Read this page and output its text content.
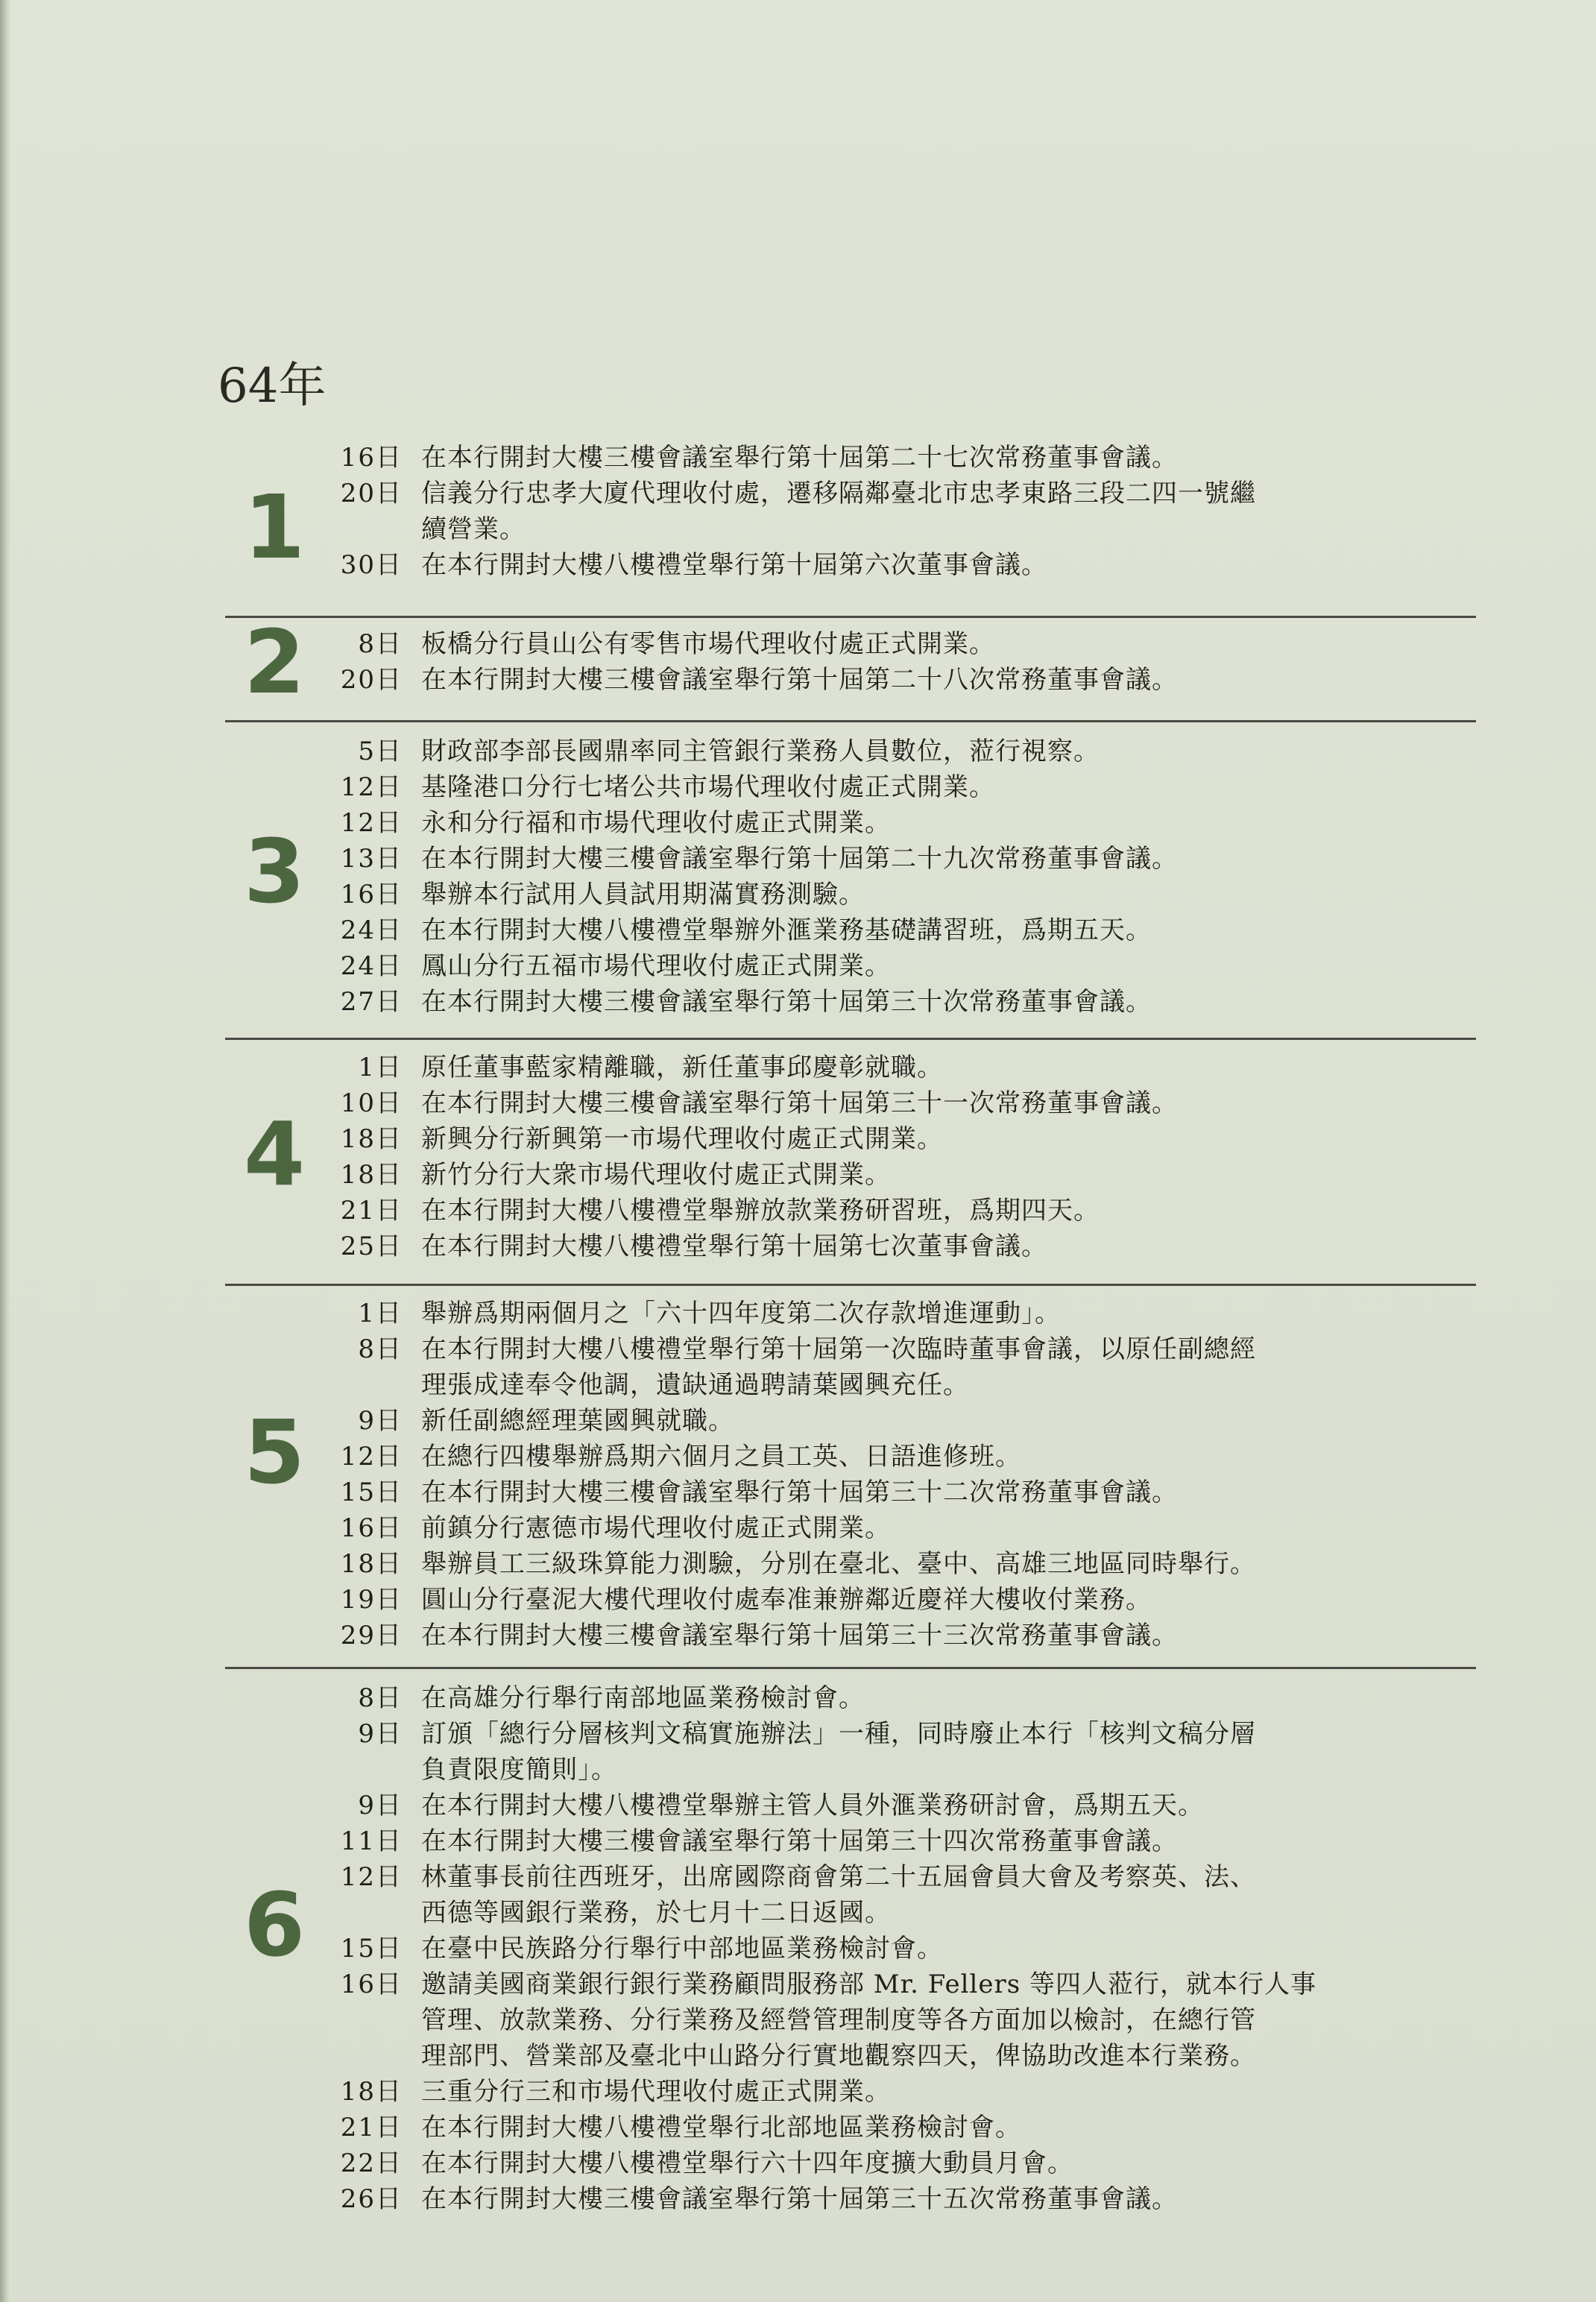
64年
1
16日 在本行開封大樓三樓會議室舉行第十屆第二十七次常務董事會議。
20日 信義分行忠孝大廈代理收付處，遷移隔鄰臺北市忠孝東路三段二四一號繼
續營業。
30日 在本行開封大樓八樓禮堂舉行第十屆第六次董事會議。
2	8日 板橋分行員山公有零售市場代理收付處正式開業。
20日 在本行開封大樓三樓會議室舉行第十屆第二十八次常務董事會議。
3
5日 財政部李部長國鼎率同主管銀行業務人員數位，蒞行視察。
12日 基隆港口分行七堵公共市場代理收付處正式開業。
12日 永和分行福和市場代理收付處正式開業。
13日 在本行開封大樓三樓會議室舉行第十屆第二十九次常務董事會議。
16日 舉辦本行試用人員試用期滿實務測驗。
24日 在本行開封大樓八樓禮堂舉辦外滙業務基礎講習班，爲期五天。
24日 鳳山分行五福市場代理收付處正式開業。
27日 在本行開封大樓三樓會議室舉行第十屆第三十次常務董事會議。
4
1日 原任董事藍家精離職，新任董事邱慶彰就職。
10日 在本行開封大樓三樓會議室舉行第十屆第三十一次常務董事會議。
18日 新興分行新興第一市場代理收付處正式開業。
18日 新竹分行大衆市場代理收付處正式開業。
21日 在本行開封大樓八樓禮堂舉辦放款業務研習班，爲期四天。
25日 在本行開封大樓八樓禮堂舉行第十屆第七次董事會議。
5
1日 舉辦爲期兩個月之「六十四年度第二次存款增進運動」。
8日 在本行開封大樓八樓禮堂舉行第十屆第一次臨時董事會議，以原任副總經
理張成達奉令他調，遺缺通過聘請葉國興充任。
9日 新任副總經理葉國興就職。
12日 在總行四樓舉辦爲期六個月之員工英、日語進修班。
15日 在本行開封大樓三樓會議室舉行第十屆第三十二次常務董事會議。
16日 前鎮分行憲德市場代理收付處正式開業。
18日 舉辦員工三級珠算能力測驗，分別在臺北、臺中、高雄三地區同時舉行。
19日 圓山分行臺泥大樓代理收付處奉准兼辦鄰近慶祥大樓收付業務。
29日 在本行開封大樓三樓會議室舉行第十屆第三十三次常務董事會議。
6
8日 在高雄分行舉行南部地區業務檢討會。
9日 訂頒「總行分層核判文稿實施辦法」一種，同時廢止本行「核判文稿分層
負責限度簡則」。
9日 在本行開封大樓八樓禮堂舉辦主管人員外滙業務研討會，爲期五天。
11日 在本行開封大樓三樓會議室舉行第十屆第三十四次常務董事會議。
12日 林董事長前往西班牙，出席國際商會第二十五屆會員大會及考察英、法、
西德等國銀行業務，於七月十二日返國。
15日 在臺中民族路分行舉行中部地區業務檢討會。
16日 邀請美國商業銀行銀行業務顧問服務部 Mr. Fellers 等四人蒞行，就本行人事
管理、放款業務、分行業務及經營管理制度等各方面加以檢討，在總行管
理部門、營業部及臺北中山路分行實地觀察四天，俾協助改進本行業務。
18日 三重分行三和市場代理收付處正式開業。
21日 在本行開封大樓八樓禮堂舉行北部地區業務檢討會。
22日 在本行開封大樓八樓禮堂舉行六十四年度擴大動員月會。
26日 在本行開封大樓三樓會議室舉行第十屆第三十五次常務董事會議。
